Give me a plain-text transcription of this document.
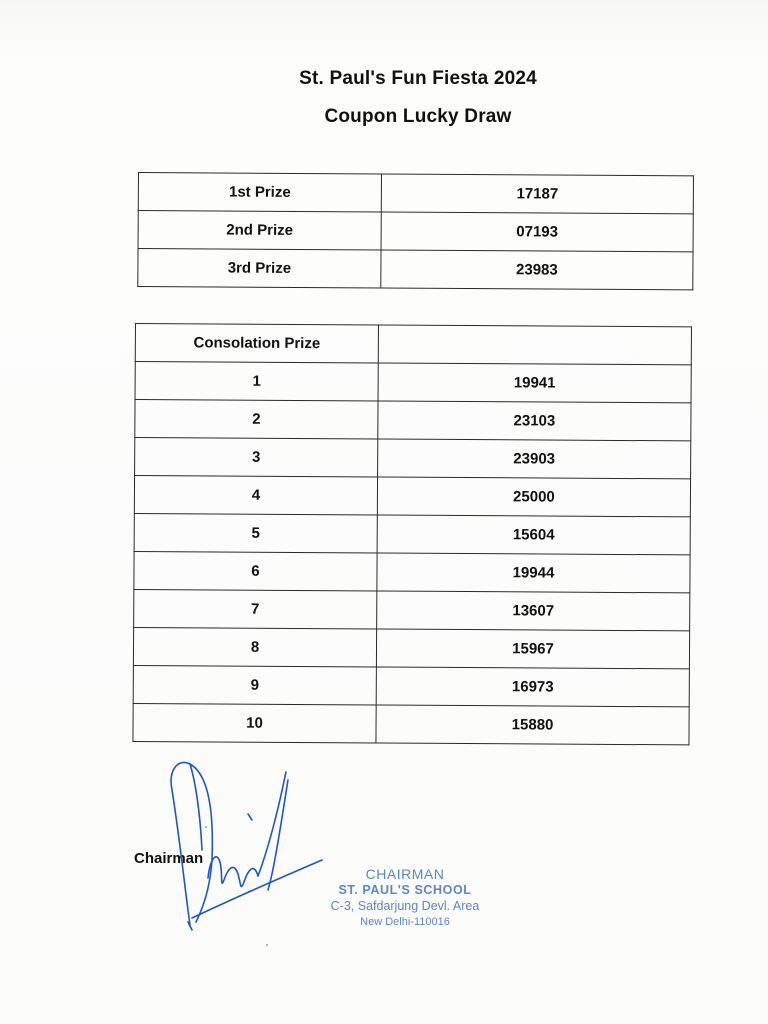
St. Paul's Fun Fiesta 2024
Coupon Lucky Draw
1st Prize	17187
2nd Prize	07193
3rd Prize	23983
Consolation Prize	
1	19941
2	23103
3	23903
4	25000
5	15604
6	19944
7	13607
8	15967
9	16973
10	15880
Chairman
CHAIRMAN
ST. PAUL'S SCHOOL
C-3, Safdarjung Devl. Area
New Delhi-110016
